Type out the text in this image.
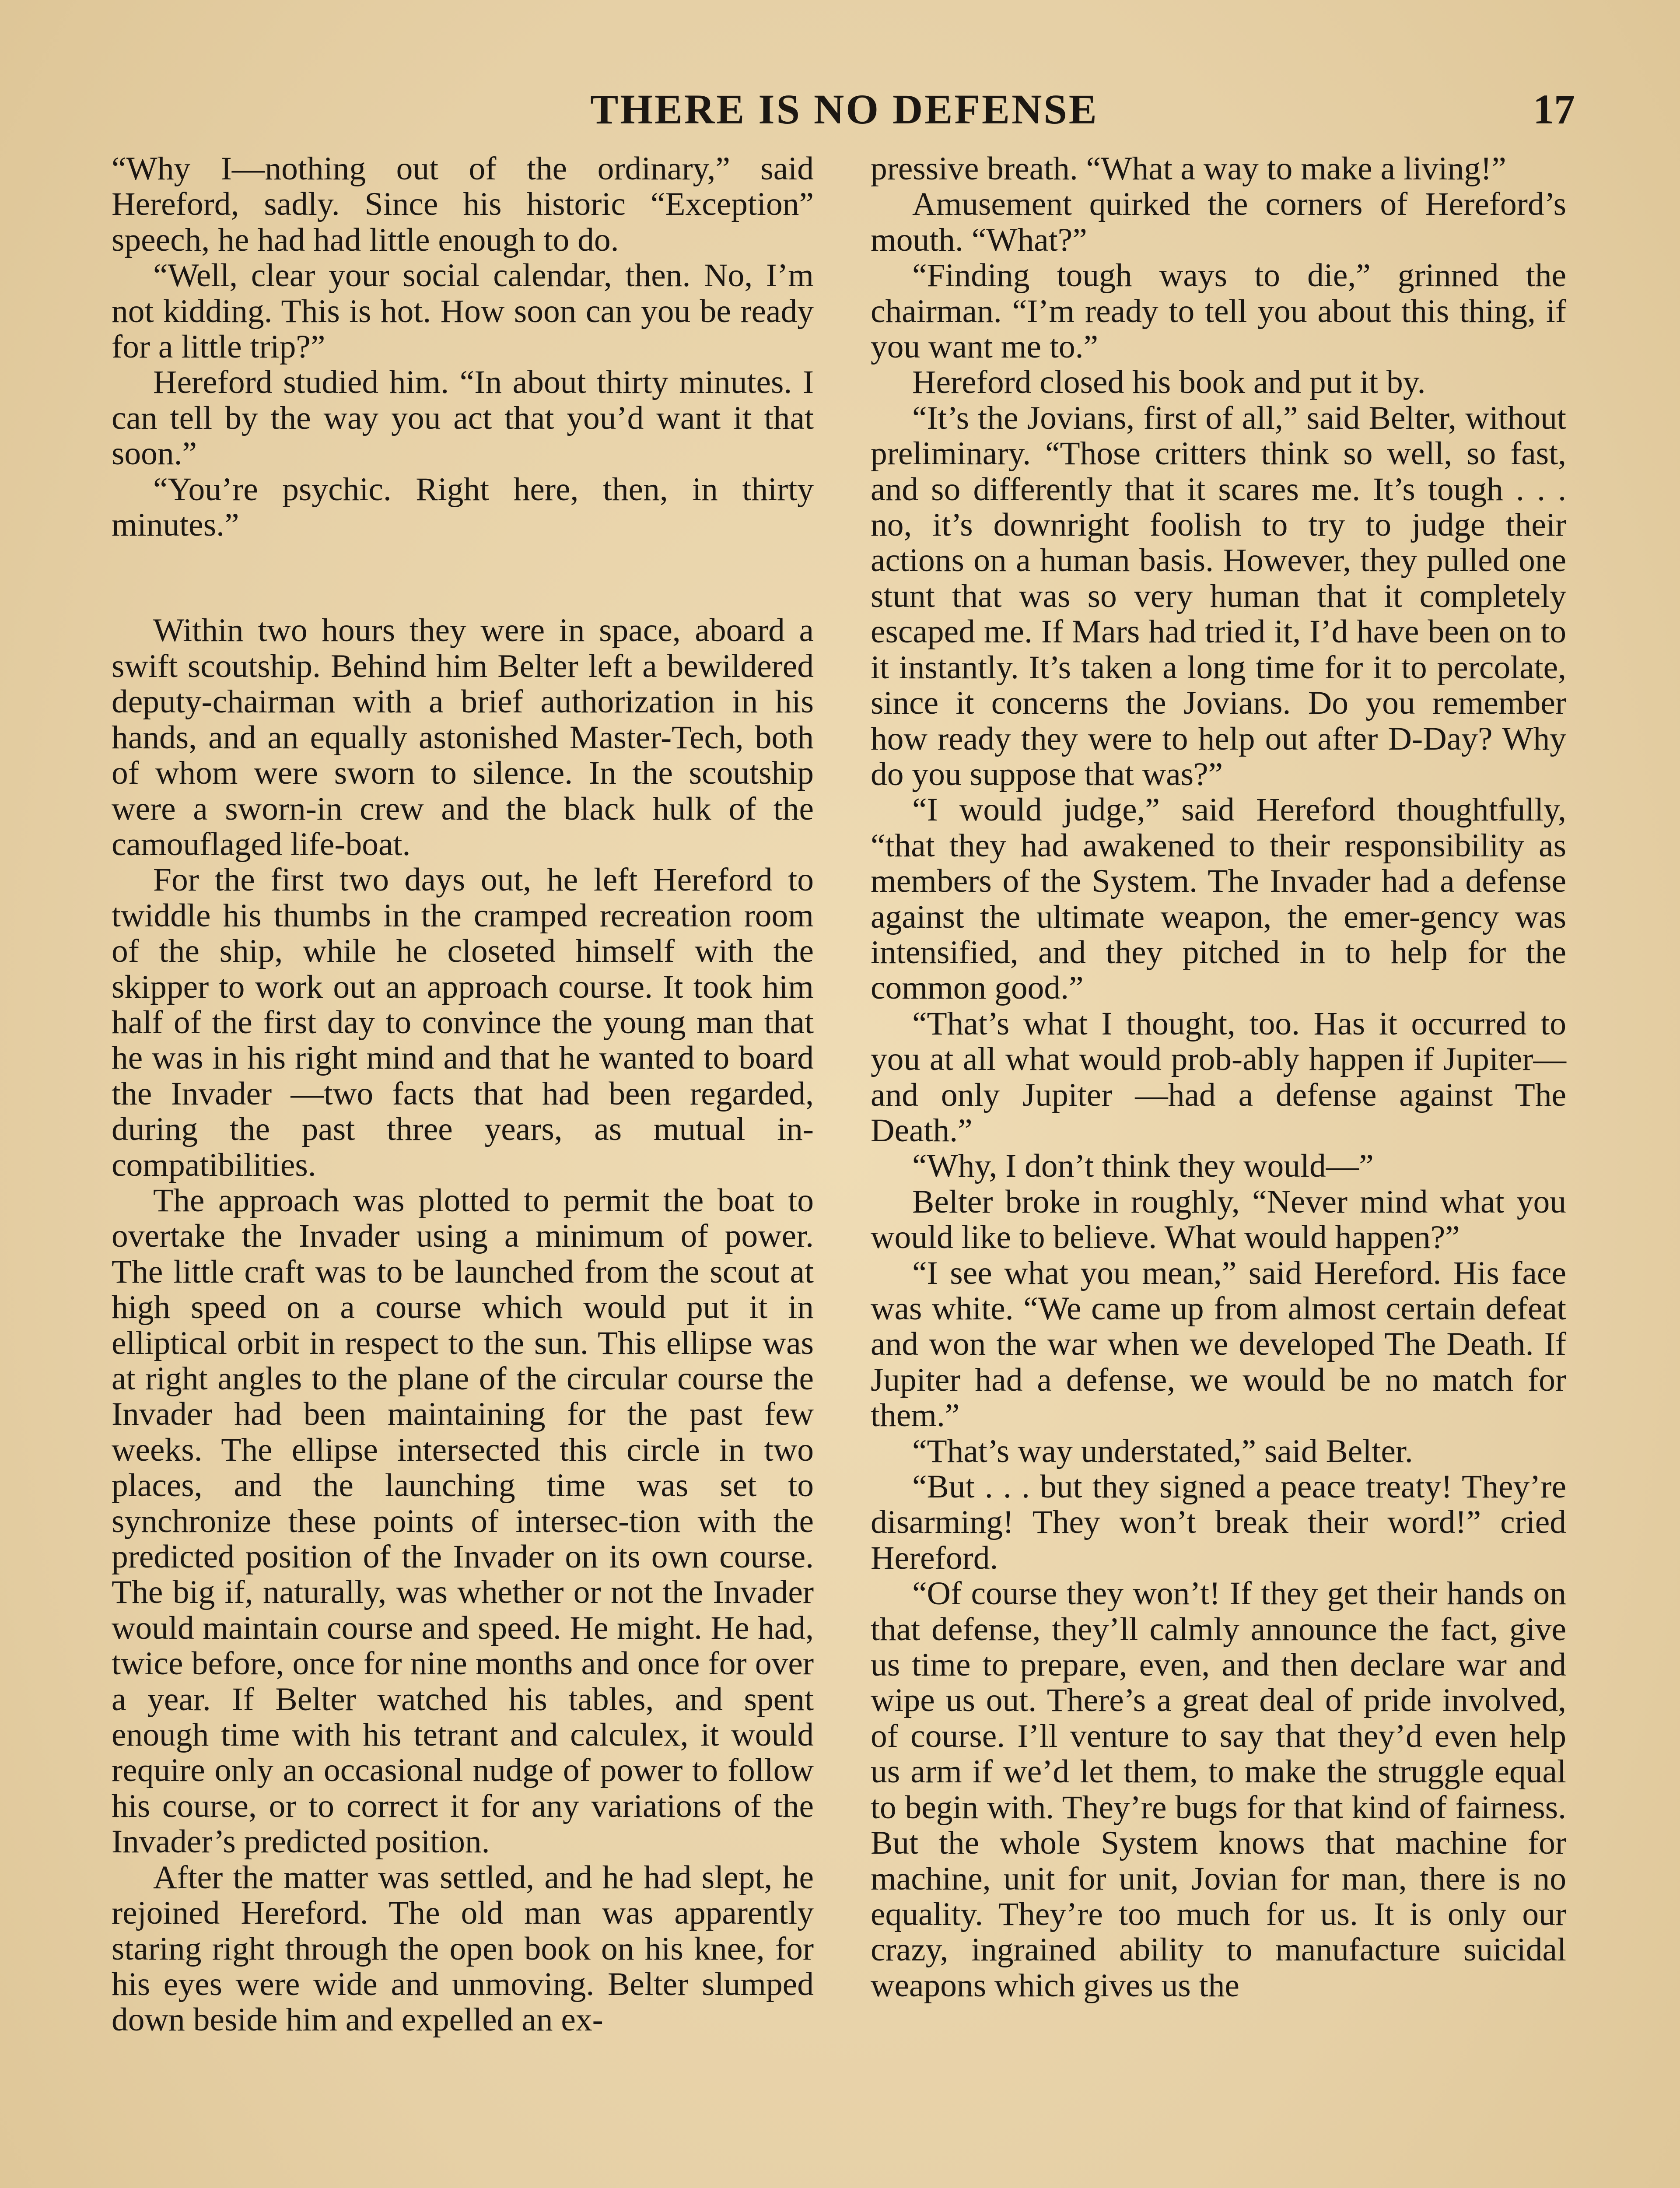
THERE IS NO DEFENSE	17

“Why I—nothing out of the ordinary,” said Hereford, sadly. Since his historic “Exception” speech, he had had little enough to do.

“Well, clear your social calendar, then. No, I’m not kidding. This is hot. How soon can you be ready for a little trip?”

Hereford studied him. “In about thirty minutes. I can tell by the way you act that you’d want it that soon.”

“You’re psychic. Right here, then, in thirty minutes.”

Within two hours they were in space, aboard a swift scoutship. Behind him Belter left a bewildered deputy-chairman with a brief authorization in his hands, and an equally astonished Master-Tech, both of whom were sworn to silence. In the scoutship were a sworn-in crew and the black hulk of the camouflaged life-boat.

For the first two days out, he left Hereford to twiddle his thumbs in the cramped recreation room of the ship, while he closeted himself with the skipper to work out an approach course. It took him half of the first day to convince the young man that he was in his right mind and that he wanted to board the Invader —two facts that had been regarded, during the past three years, as mutual in-compatibilities.

The approach was plotted to permit the boat to overtake the Invader using a minimum of power. The little craft was to be launched from the scout at high speed on a course which would put it in elliptical orbit in respect to the sun. This ellipse was at right angles to the plane of the circular course the Invader had been maintaining for the past few weeks. The ellipse intersected this circle in two places, and the launching time was set to synchronize these points of intersec-tion with the predicted position of the Invader on its own course. The big if, naturally, was whether or not the Invader would maintain course and speed. He might. He had, twice before, once for nine months and once for over a year. If Belter watched his tables, and spent enough time with his tetrant and calculex, it would require only an occasional nudge of power to follow his course, or to correct it for any variations of the Invader’s predicted position.

After the matter was settled, and he had slept, he rejoined Hereford. The old man was apparently staring right through the open book on his knee, for his eyes were wide and unmoving. Belter slumped down beside him and expelled an ex-

pressive breath. “What a way to make a living!”

Amusement quirked the corners of Hereford’s mouth. “What?”

“Finding tough ways to die,” grinned the chairman. “I’m ready to tell you about this thing, if you want me to.”

Hereford closed his book and put it by.

“It’s the Jovians, first of all,” said Belter, without preliminary. “Those critters think so well, so fast, and so differently that it scares me. It’s tough . . . no, it’s downright foolish to try to judge their actions on a human basis. However, they pulled one stunt that was so very human that it completely escaped me. If Mars had tried it, I’d have been on to it instantly. It’s taken a long time for it to percolate, since it concerns the Jovians. Do you remember how ready they were to help out after D-Day? Why do you suppose that was?”

“I would judge,” said Hereford thoughtfully, “that they had awakened to their responsibility as members of the System. The Invader had a defense against the ultimate weapon, the emer-gency was intensified, and they pitched in to help for the common good.”

“That’s what I thought, too. Has it occurred to you at all what would prob-ably happen if Jupiter—and only Jupiter —had a defense against The Death.”

“Why, I don’t think they would—”

Belter broke in roughly, “Never mind what you would like to believe. What would happen?”

“I see what you mean,” said Hereford. His face was white. “We came up from almost certain defeat and won the war when we developed The Death. If Jupiter had a defense, we would be no match for them.”

“That’s way understated,” said Belter.

“But . . . but they signed a peace treaty! They’re disarming! They won’t break their word!” cried Hereford.

“Of course they won’t! If they get their hands on that defense, they’ll calmly announce the fact, give us time to prepare, even, and then declare war and wipe us out. There’s a great deal of pride involved, of course. I’ll venture to say that they’d even help us arm if we’d let them, to make the struggle equal to begin with. They’re bugs for that kind of fairness. But the whole System knows that machine for machine, unit for unit, Jovian for man, there is no equality. They’re too much for us. It is only our crazy, ingrained ability to manufacture suicidal weapons which gives us the
